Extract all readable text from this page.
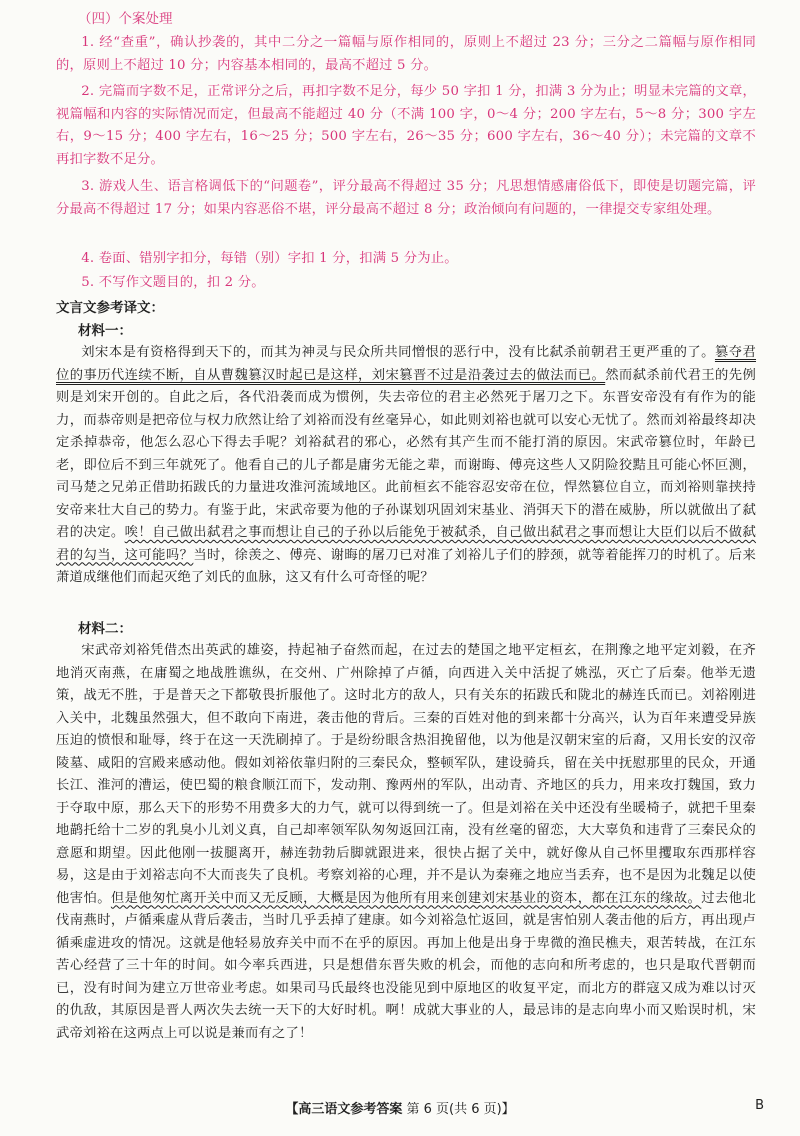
（四）个案处理
1. 经“查重”，确认抄袭的，其中二分之一篇幅与原作相同的，原则上不超过 23 分；三分之二篇幅与原作相同的，原则上不超过 10 分；内容基本相同的，最高不超过 5 分。
2. 完篇而字数不足，正常评分之后，再扣字数不足分，每少 50 字扣 1 分，扣满 3 分为止；明显未完篇的文章，视篇幅和内容的实际情况而定，但最高不能超过 40 分（不满 100 字，0～4 分；200 字左右，5～8 分；300 字左右，9～15 分；400 字左右，16～25 分；500 字左右，26～35 分；600 字左右，36～40 分）；未完篇的文章不再扣字数不足分。
3. 游戏人生、语言格调低下的“问题卷”，评分最高不得超过 35 分；凡思想情感庸俗低下，即使是切题完篇，评分最高不得超过 17 分；如果内容恶俗不堪，评分最高不超过 8 分；政治倾向有问题的，一律提交专家组处理。
4. 卷面、错别字扣分，每错（别）字扣 1 分，扣满 5 分为止。
5. 不写作文题目的，扣 2 分。
文言文参考译文：
材料一：
刘宋本是有资格得到天下的，而其为神灵与民众所共同憎恨的恶行中，没有比弑杀前朝君王更严重的了。篡夺君位的事历代连续不断，自从曹魏篡汉时起已是这样，刘宋篡晋不过是沿袭过去的做法而已。然而弑杀前代君王的先例则是刘宋开创的。自此之后，各代沿袭而成为惯例，失去帝位的君主必然死于屠刀之下。东晋安帝没有有作为的能力，而恭帝则是把帝位与权力欣然让给了刘裕而没有丝毫异心，如此则刘裕也就可以安心无忧了。然而刘裕最终却决定杀掉恭帝，他怎么忍心下得去手呢？刘裕弑君的邪心，必然有其产生而不能打消的原因。宋武帝篡位时，年龄已老，即位后不到三年就死了。他看自己的儿子都是庸劣无能之辈，而谢晦、傅亮这些人又阴险狡黠且可能心怀叵测，司马楚之兄弟正借助拓跋氏的力量进攻淮河流域地区。此前桓玄不能容忍安帝在位，悍然篡位自立，而刘裕则靠挟持安帝来壮大自己的势力。有鉴于此，宋武帝要为他的子孙谋划巩固刘宋基业、消弭天下的潜在威胁，所以就做出了弑君的决定。唉！自己做出弑君之事而想让自己的子孙以后能免于被弑杀，自己做出弑君之事而想让大臣们以后不做弑君的勾当，这可能吗？当时，徐羡之、傅亮、谢晦的屠刀已对准了刘裕儿子们的脖颈，就等着能挥刀的时机了。后来萧道成继他们而起灭绝了刘氏的血脉，这又有什么可奇怪的呢？
材料二：
宋武帝刘裕凭借杰出英武的雄姿，持起袖子奋然而起，在过去的楚国之地平定桓玄，在荆豫之地平定刘毅，在齐地消灭南燕，在庸蜀之地战胜谯纵，在交州、广州除掉了卢循，向西进入关中活捉了姚泓，灭亡了后秦。他举无遗策，战无不胜，于是普天之下都敬畏折服他了。这时北方的敌人，只有关东的拓跋氏和陇北的赫连氏而已。刘裕刚进入关中，北魏虽然强大，但不敢向下南进，袭击他的背后。三秦的百姓对他的到来都十分高兴，认为百年来遭受异族压迫的愤恨和耻辱，终于在这一天洗刷掉了。于是纷纷眼含热泪挽留他，以为他是汉朝宋室的后裔，又用长安的汉帝陵墓、咸阳的宫殿来感动他。假如刘裕依靠归附的三秦民众，整顿军队，建设骑兵，留在关中抚慰那里的民众，开通长江、淮河的漕运，使巴蜀的粮食顺江而下，发动荆、豫两州的军队，出动青、齐地区的兵力，用来攻打魏国，致力于夺取中原，那么天下的形势不用费多大的力气，就可以得到统一了。但是刘裕在关中还没有坐暖椅子，就把千里秦地鹋托给十二岁的乳臭小儿刘义真，自己却率领军队匆匆返回江南，没有丝毫的留恋，大大辜负和违背了三秦民众的意愿和期望。因此他刚一拔腿离开，赫连勃勃后脚就跟进来，很快占据了关中，就好像从自己怀里攫取东西那样容易，这是由于刘裕志向不大而丧失了良机。考察刘裕的心理，并不是认为秦雍之地应当丢弃，也不是因为北魏足以使他害怕。但是他匆忙离开关中而又无反顾，大概是因为他所有用来创建刘宋基业的资本，都在江东的缘故。过去他北伐南燕时，卢循乘虚从背后袭击，当时几乎丢掉了建康。如今刘裕急忙返回，就是害怕别人袭击他的后方，再出现卢循乘虚进攻的情况。这就是他轻易放弃关中而不在乎的原因。再加上他是出身于卑微的渔民樵夫，艰苦转战，在江东苦心经营了三十年的时间。如今率兵西进，只是想借东晋失败的机会，而他的志向和所考虑的，也只是取代晋朝而已，没有时间为建立万世帝业考虑。如果司马氏最终也没能见到中原地区的收复平定，而北方的群寇又成为难以讨灭的仇敌，其原因是晋人两次失去统一天下的大好时机。啊！成就大事业的人，最忌讳的是志向卑小而又贻误时机，宋武帝刘裕在这两点上可以说是兼而有之了！
【高三语文参考答案 第 6 页(共 6 页)】	B
